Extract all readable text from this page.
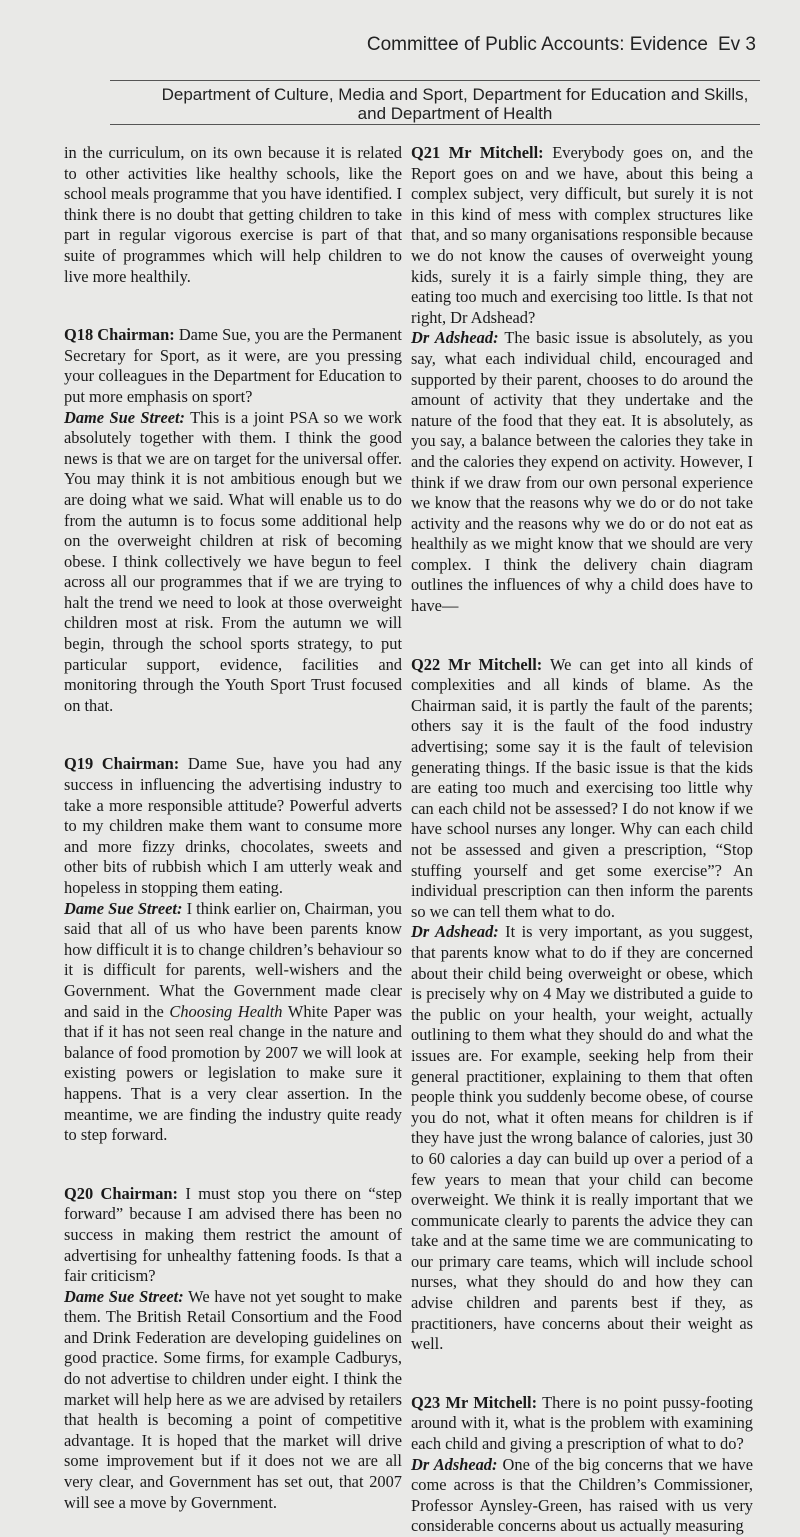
Committee of Public Accounts: Evidence Ev 3
Department of Culture, Media and Sport, Department for Education and Skills,
and Department of Health

in the curriculum, on its own because it is related to other activities like healthy schools, like the school meals programme that you have identified. I think there is no doubt that getting children to take part in regular vigorous exercise is part of that suite of programmes which will help children to live more healthily.

Q18 Chairman: Dame Sue, you are the Permanent Secretary for Sport, as it were, are you pressing your colleagues in the Department for Education to put more emphasis on sport?

Dame Sue Street: This is a joint PSA so we work absolutely together with them. I think the good news is that we are on target for the universal offer. You may think it is not ambitious enough but we are doing what we said. What will enable us to do from the autumn is to focus some additional help on the overweight children at risk of becoming obese. I think collectively we have begun to feel across all our programmes that if we are trying to halt the trend we need to look at those overweight children most at risk. From the autumn we will begin, through the school sports strategy, to put particular support, evidence, facilities and monitoring through the Youth Sport Trust focused on that.

Q19 Chairman: Dame Sue, have you had any success in influencing the advertising industry to take a more responsible attitude? Powerful adverts to my children make them want to consume more and more fizzy drinks, chocolates, sweets and other bits of rubbish which I am utterly weak and hopeless in stopping them eating.

Dame Sue Street: I think earlier on, Chairman, you said that all of us who have been parents know how difficult it is to change children’s behaviour so it is difficult for parents, well-wishers and the Government. What the Government made clear and said in the Choosing Health White Paper was that if it has not seen real change in the nature and balance of food promotion by 2007 we will look at existing powers or legislation to make sure it happens. That is a very clear assertion. In the meantime, we are finding the industry quite ready to step forward.

Q20 Chairman: I must stop you there on “step forward” because I am advised there has been no success in making them restrict the amount of advertising for unhealthy fattening foods. Is that a fair criticism?

Dame Sue Street: We have not yet sought to make them. The British Retail Consortium and the Food and Drink Federation are developing guidelines on good practice. Some firms, for example Cadburys, do not advertise to children under eight. I think the market will help here as we are advised by retailers that health is becoming a point of competitive advantage. It is hoped that the market will drive some improvement but if it does not we are all very clear, and Government has set out, that 2007 will see a move by Government.

Q21 Mr Mitchell: Everybody goes on, and the Report goes on and we have, about this being a complex subject, very difficult, but surely it is not in this kind of mess with complex structures like that, and so many organisations responsible because we do not know the causes of overweight young kids, surely it is a fairly simple thing, they are eating too much and exercising too little. Is that not right, Dr Adshead?

Dr Adshead: The basic issue is absolutely, as you say, what each individual child, encouraged and supported by their parent, chooses to do around the amount of activity that they undertake and the nature of the food that they eat. It is absolutely, as you say, a balance between the calories they take in and the calories they expend on activity. However, I think if we draw from our own personal experience we know that the reasons why we do or do not take activity and the reasons why we do or do not eat as healthily as we might know that we should are very complex. I think the delivery chain diagram outlines the influences of why a child does have to have—

Q22 Mr Mitchell: We can get into all kinds of complexities and all kinds of blame. As the Chairman said, it is partly the fault of the parents; others say it is the fault of the food industry advertising; some say it is the fault of television generating things. If the basic issue is that the kids are eating too much and exercising too little why can each child not be assessed? I do not know if we have school nurses any longer. Why can each child not be assessed and given a prescription, “Stop stuffing yourself and get some exercise”? An individual prescription can then inform the parents so we can tell them what to do.

Dr Adshead: It is very important, as you suggest, that parents know what to do if they are concerned about their child being overweight or obese, which is precisely why on 4 May we distributed a guide to the public on your health, your weight, actually outlining to them what they should do and what the issues are. For example, seeking help from their general practitioner, explaining to them that often people think you suddenly become obese, of course you do not, what it often means for children is if they have just the wrong balance of calories, just 30 to 60 calories a day can build up over a period of a few years to mean that your child can become overweight. We think it is really important that we communicate clearly to parents the advice they can take and at the same time we are communicating to our primary care teams, which will include school nurses, what they should do and how they can advise children and parents best if they, as practitioners, have concerns about their weight as well.

Q23 Mr Mitchell: There is no point pussy-footing around with it, what is the problem with examining each child and giving a prescription of what to do?

Dr Adshead: One of the big concerns that we have come across is that the Children’s Commissioner, Professor Aynsley-Green, has raised with us very considerable concerns about us actually measuring
